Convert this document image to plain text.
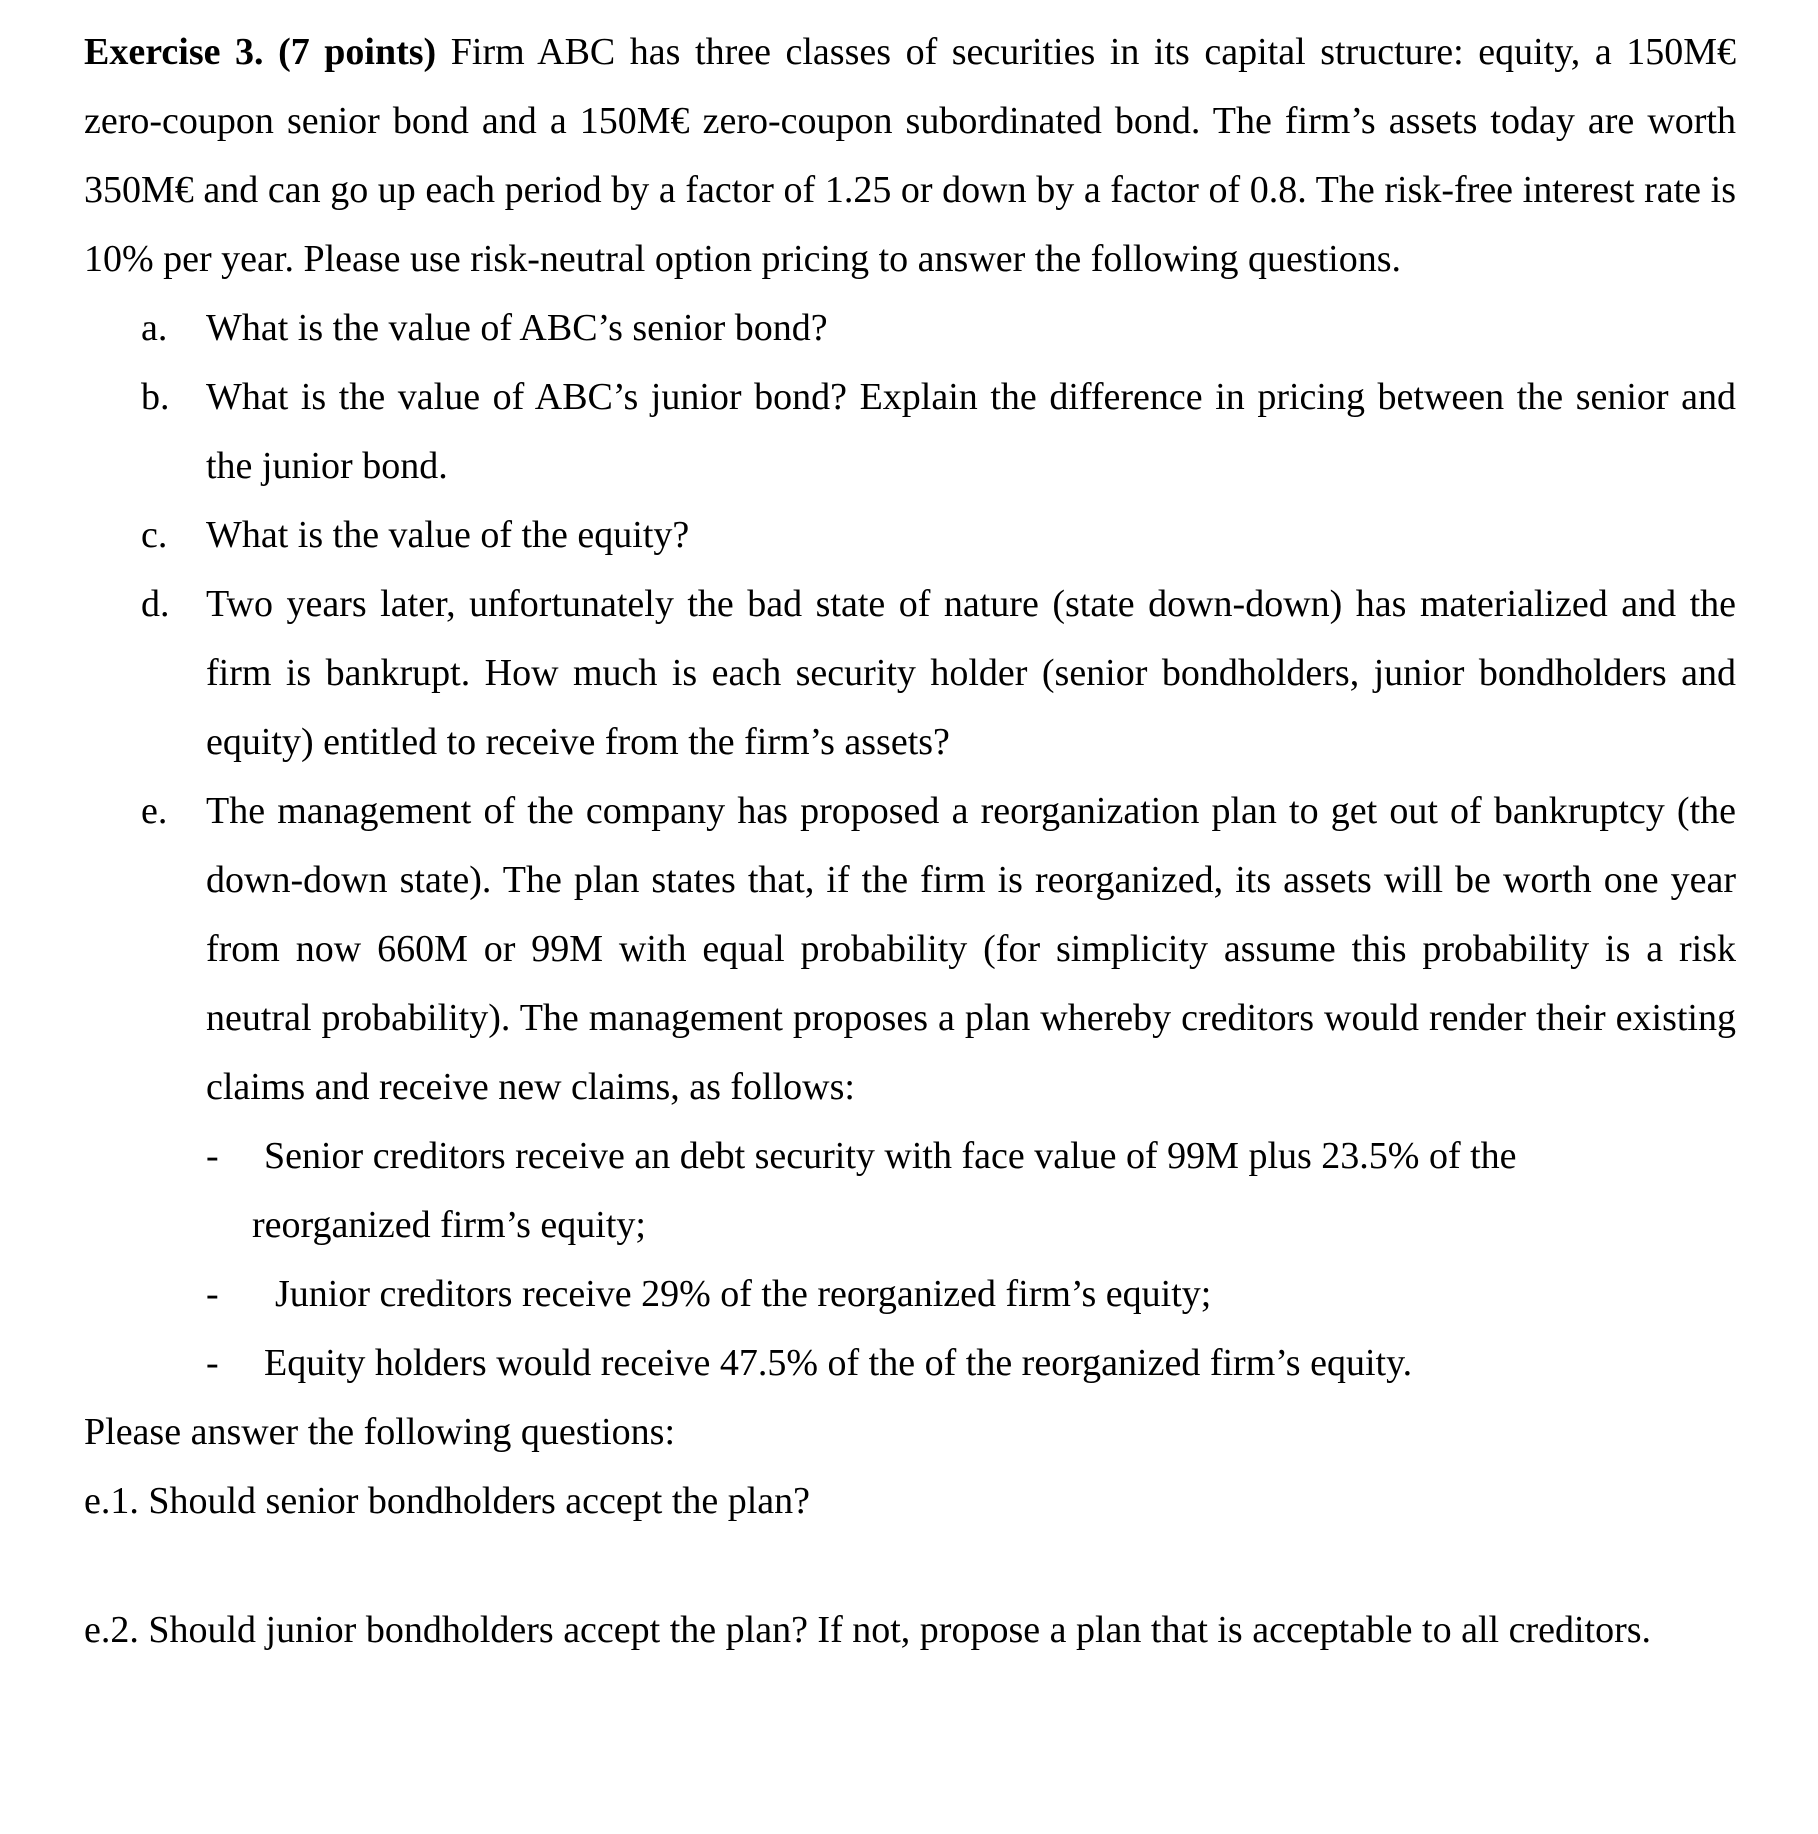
Exercise 3. (7 points) Firm ABC has three classes of securities in its capital structure: equity, a 150M€ zero-coupon senior bond and a 150M€ zero-coupon subordinated bond. The firm’s assets today are worth 350M€ and can go up each period by a factor of 1.25 or down by a factor of 0.8. The risk-free interest rate is 10% per year. Please use risk-neutral option pricing to answer the following questions.

a. What is the value of ABC’s senior bond?

b. What is the value of ABC’s junior bond? Explain the difference in pricing between the senior and the junior bond.

c. What is the value of the equity?

d. Two years later, unfortunately the bad state of nature (state down-down) has materialized and the firm is bankrupt. How much is each security holder (senior bondholders, junior bondholders and equity) entitled to receive from the firm’s assets?

e. The management of the company has proposed a reorganization plan to get out of bankruptcy (the down-down state). The plan states that, if the firm is reorganized, its assets will be worth one year from now 660M or 99M with equal probability (for simplicity assume this probability is a risk neutral probability). The management proposes a plan whereby creditors would render their existing claims and receive new claims, as follows:

- Senior creditors receive an debt security with face value of 99M plus 23.5% of the
reorganized firm’s equity;
- Junior creditors receive 29% of the reorganized firm’s equity;
- Equity holders would receive 47.5% of the of the reorganized firm’s equity.

Please answer the following questions:

e.1. Should senior bondholders accept the plan?

e.2. Should junior bondholders accept the plan? If not, propose a plan that is acceptable to all creditors.
